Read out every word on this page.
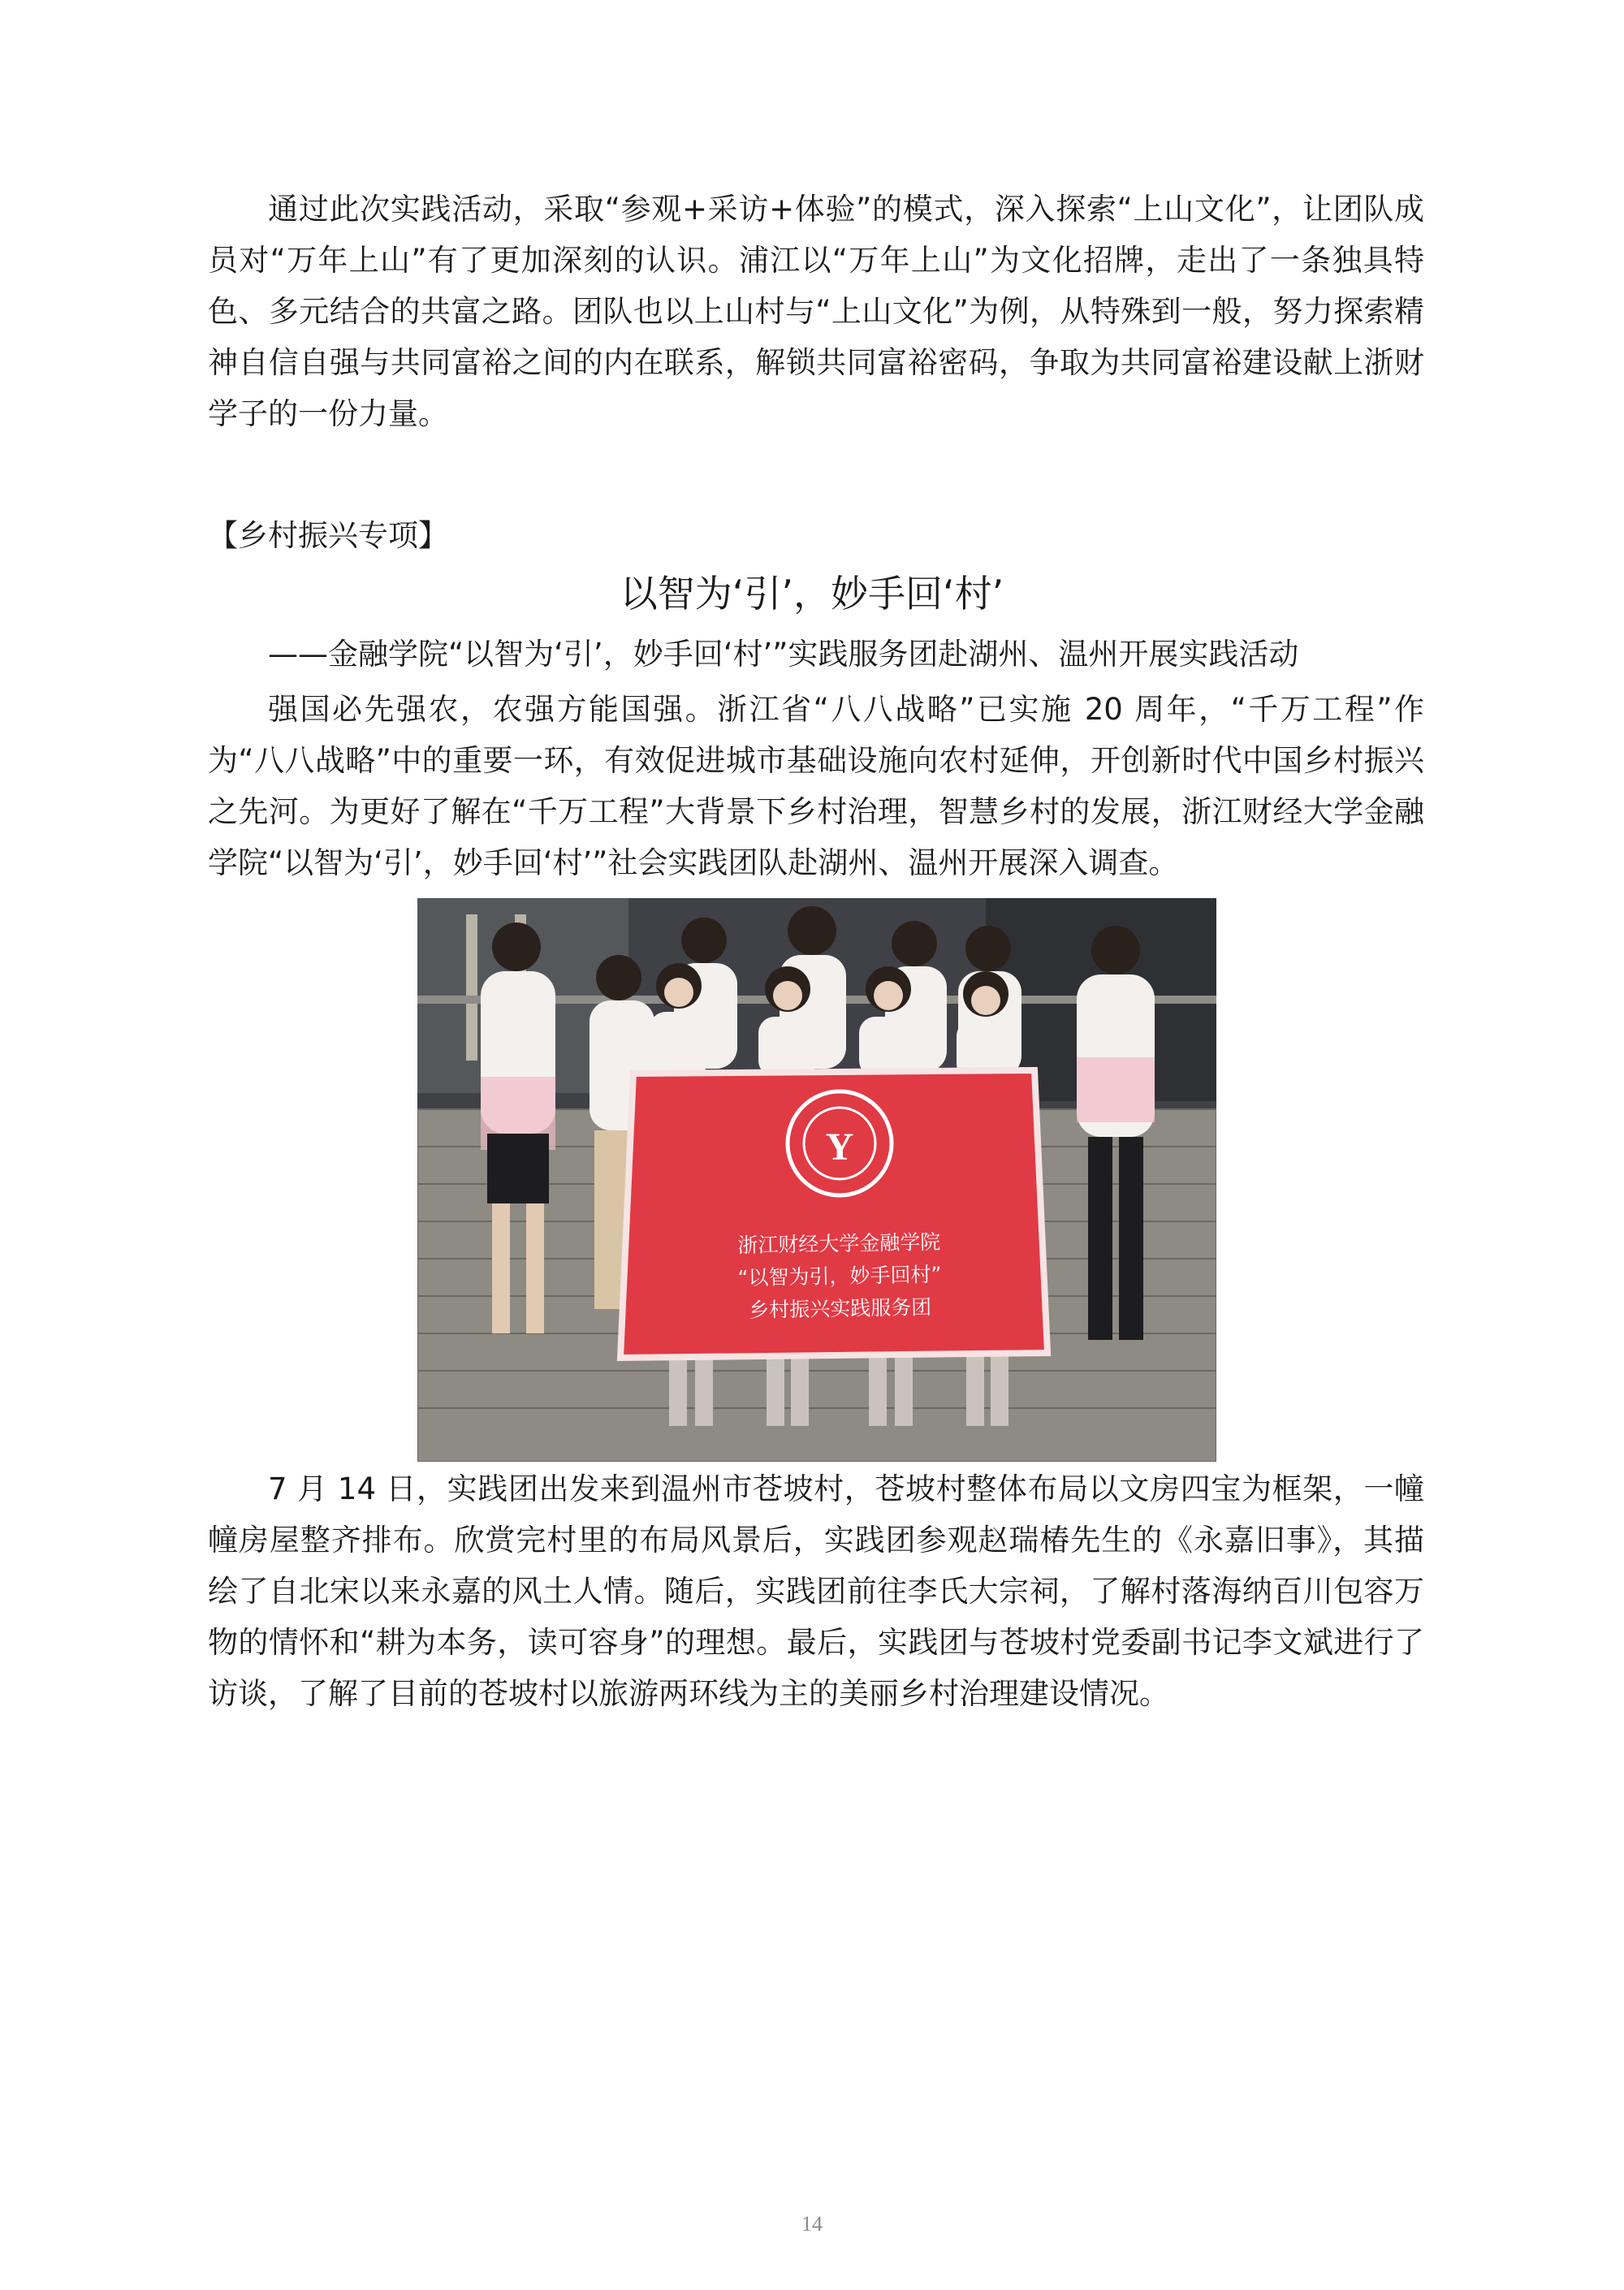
通过此次实践活动，采取“参观+采访+体验”的模式，深入探索“上山文化”，让团队成员对“万年上山”有了更加深刻的认识。浦江以“万年上山”为文化招牌，走出了一条独具特色、多元结合的共富之路。团队也以上山村与“上山文化”为例，从特殊到一般，努力探索精神自信自强与共同富裕之间的内在联系，解锁共同富裕密码，争取为共同富裕建设献上浙财学子的一份力量。

【乡村振兴专项】

以智为‘引’，妙手回‘村’

——金融学院“以智为‘引’，妙手回‘村’”实践服务团赴湖州、温州开展实践活动

强国必先强农，农强方能国强。浙江省“八八战略”已实施 20 周年，“千万工程”作为“八八战略”中的重要一环，有效促进城市基础设施向农村延伸，开创新时代中国乡村振兴之先河。为更好了解在“千万工程”大背景下乡村治理，智慧乡村的发展，浙江财经大学金融学院“以智为‘引’，妙手回‘村’”社会实践团队赴湖州、温州开展深入调查。

Y
浙江财经大学金融学院
“以智为引，妙手回村”
乡村振兴实践服务团

7 月 14 日，实践团出发来到温州市苍坡村，苍坡村整体布局以文房四宝为框架，一幢幢房屋整齐排布。欣赏完村里的布局风景后，实践团参观赵瑞椿先生的《永嘉旧事》，其描绘了自北宋以来永嘉的风土人情。随后，实践团前往李氏大宗祠，了解村落海纳百川包容万物的情怀和“耕为本务，读可容身”的理想。最后，实践团与苍坡村党委副书记李文斌进行了访谈，了解了目前的苍坡村以旅游两环线为主的美丽乡村治理建设情况。

14
